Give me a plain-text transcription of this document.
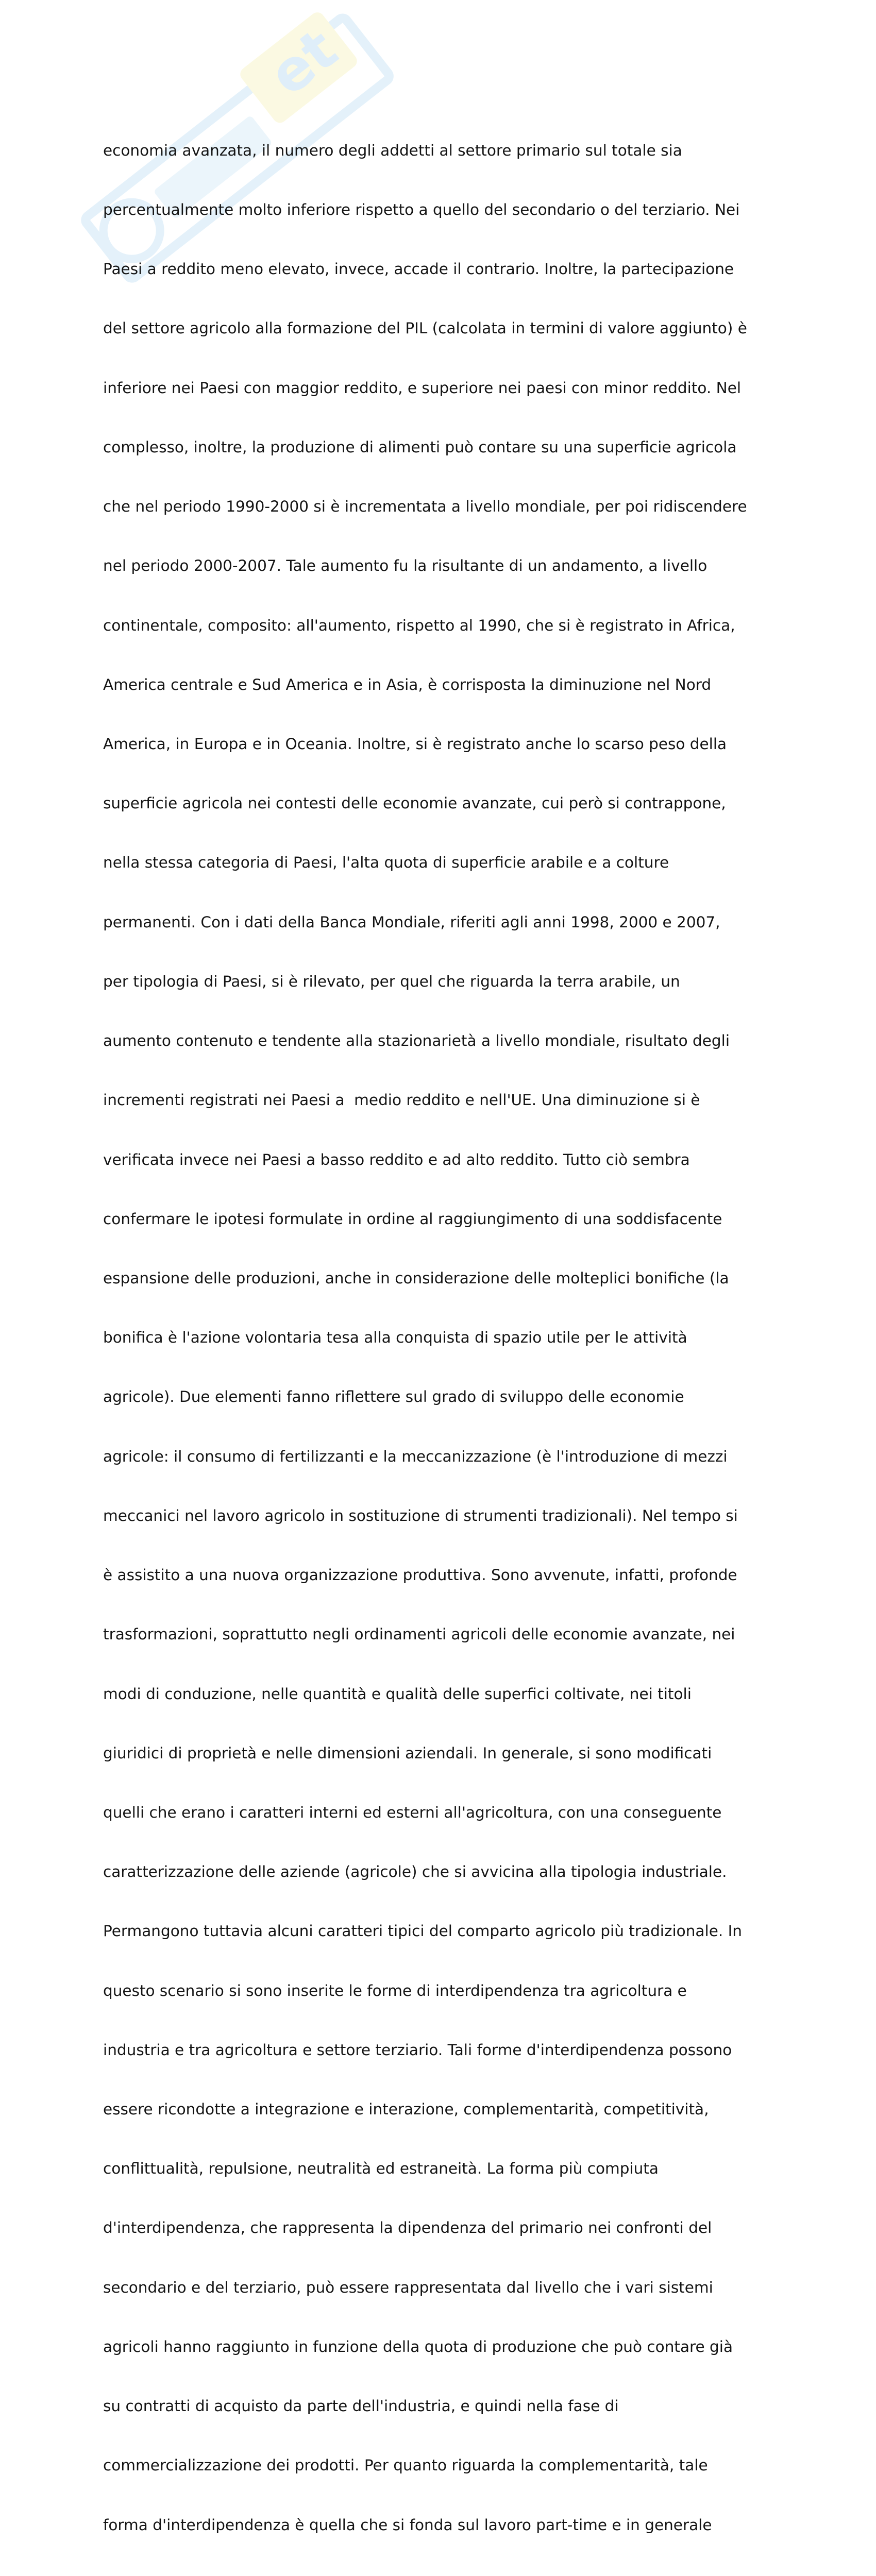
et

economia avanzata, il numero degli addetti al settore primario sul totale sia

percentualmente molto inferiore rispetto a quello del secondario o del terziario. Nei

Paesi a reddito meno elevato, invece, accade il contrario. Inoltre, la partecipazione

del settore agricolo alla formazione del PIL (calcolata in termini di valore aggiunto) è

inferiore nei Paesi con maggior reddito, e superiore nei paesi con minor reddito. Nel

complesso, inoltre, la produzione di alimenti può contare su una superficie agricola

che nel periodo 1990-2000 si è incrementata a livello mondiale, per poi ridiscendere

nel periodo 2000-2007. Tale aumento fu la risultante di un andamento, a livello

continentale, composito: all'aumento, rispetto al 1990, che si è registrato in Africa,

America centrale e Sud America e in Asia, è corrisposta la diminuzione nel Nord

America, in Europa e in Oceania. Inoltre, si è registrato anche lo scarso peso della

superficie agricola nei contesti delle economie avanzate, cui però si contrappone,

nella stessa categoria di Paesi, l'alta quota di superficie arabile e a colture

permanenti. Con i dati della Banca Mondiale, riferiti agli anni 1998, 2000 e 2007,

per tipologia di Paesi, si è rilevato, per quel che riguarda la terra arabile, un

aumento contenuto e tendente alla stazionarietà a livello mondiale, risultato degli

incrementi registrati nei Paesi a  medio reddito e nell'UE. Una diminuzione si è

verificata invece nei Paesi a basso reddito e ad alto reddito. Tutto ciò sembra

confermare le ipotesi formulate in ordine al raggiungimento di una soddisfacente

espansione delle produzioni, anche in considerazione delle molteplici bonifiche (la

bonifica è l'azione volontaria tesa alla conquista di spazio utile per le attività

agricole). Due elementi fanno riflettere sul grado di sviluppo delle economie

agricole: il consumo di fertilizzanti e la meccanizzazione (è l'introduzione di mezzi

meccanici nel lavoro agricolo in sostituzione di strumenti tradizionali). Nel tempo si

è assistito a una nuova organizzazione produttiva. Sono avvenute, infatti, profonde

trasformazioni, soprattutto negli ordinamenti agricoli delle economie avanzate, nei

modi di conduzione, nelle quantità e qualità delle superfici coltivate, nei titoli

giuridici di proprietà e nelle dimensioni aziendali. In generale, si sono modificati

quelli che erano i caratteri interni ed esterni all'agricoltura, con una conseguente

caratterizzazione delle aziende (agricole) che si avvicina alla tipologia industriale.

Permangono tuttavia alcuni caratteri tipici del comparto agricolo più tradizionale. In

questo scenario si sono inserite le forme di interdipendenza tra agricoltura e

industria e tra agricoltura e settore terziario. Tali forme d'interdipendenza possono

essere ricondotte a integrazione e interazione, complementarità, competitività,

conflittualità, repulsione, neutralità ed estraneità. La forma più compiuta

d'interdipendenza, che rappresenta la dipendenza del primario nei confronti del

secondario e del terziario, può essere rappresentata dal livello che i vari sistemi

agricoli hanno raggiunto in funzione della quota di produzione che può contare già

su contratti di acquisto da parte dell'industria, e quindi nella fase di

commercializzazione dei prodotti. Per quanto riguarda la complementarità, tale

forma d'interdipendenza è quella che si fonda sul lavoro part-time e in generale
